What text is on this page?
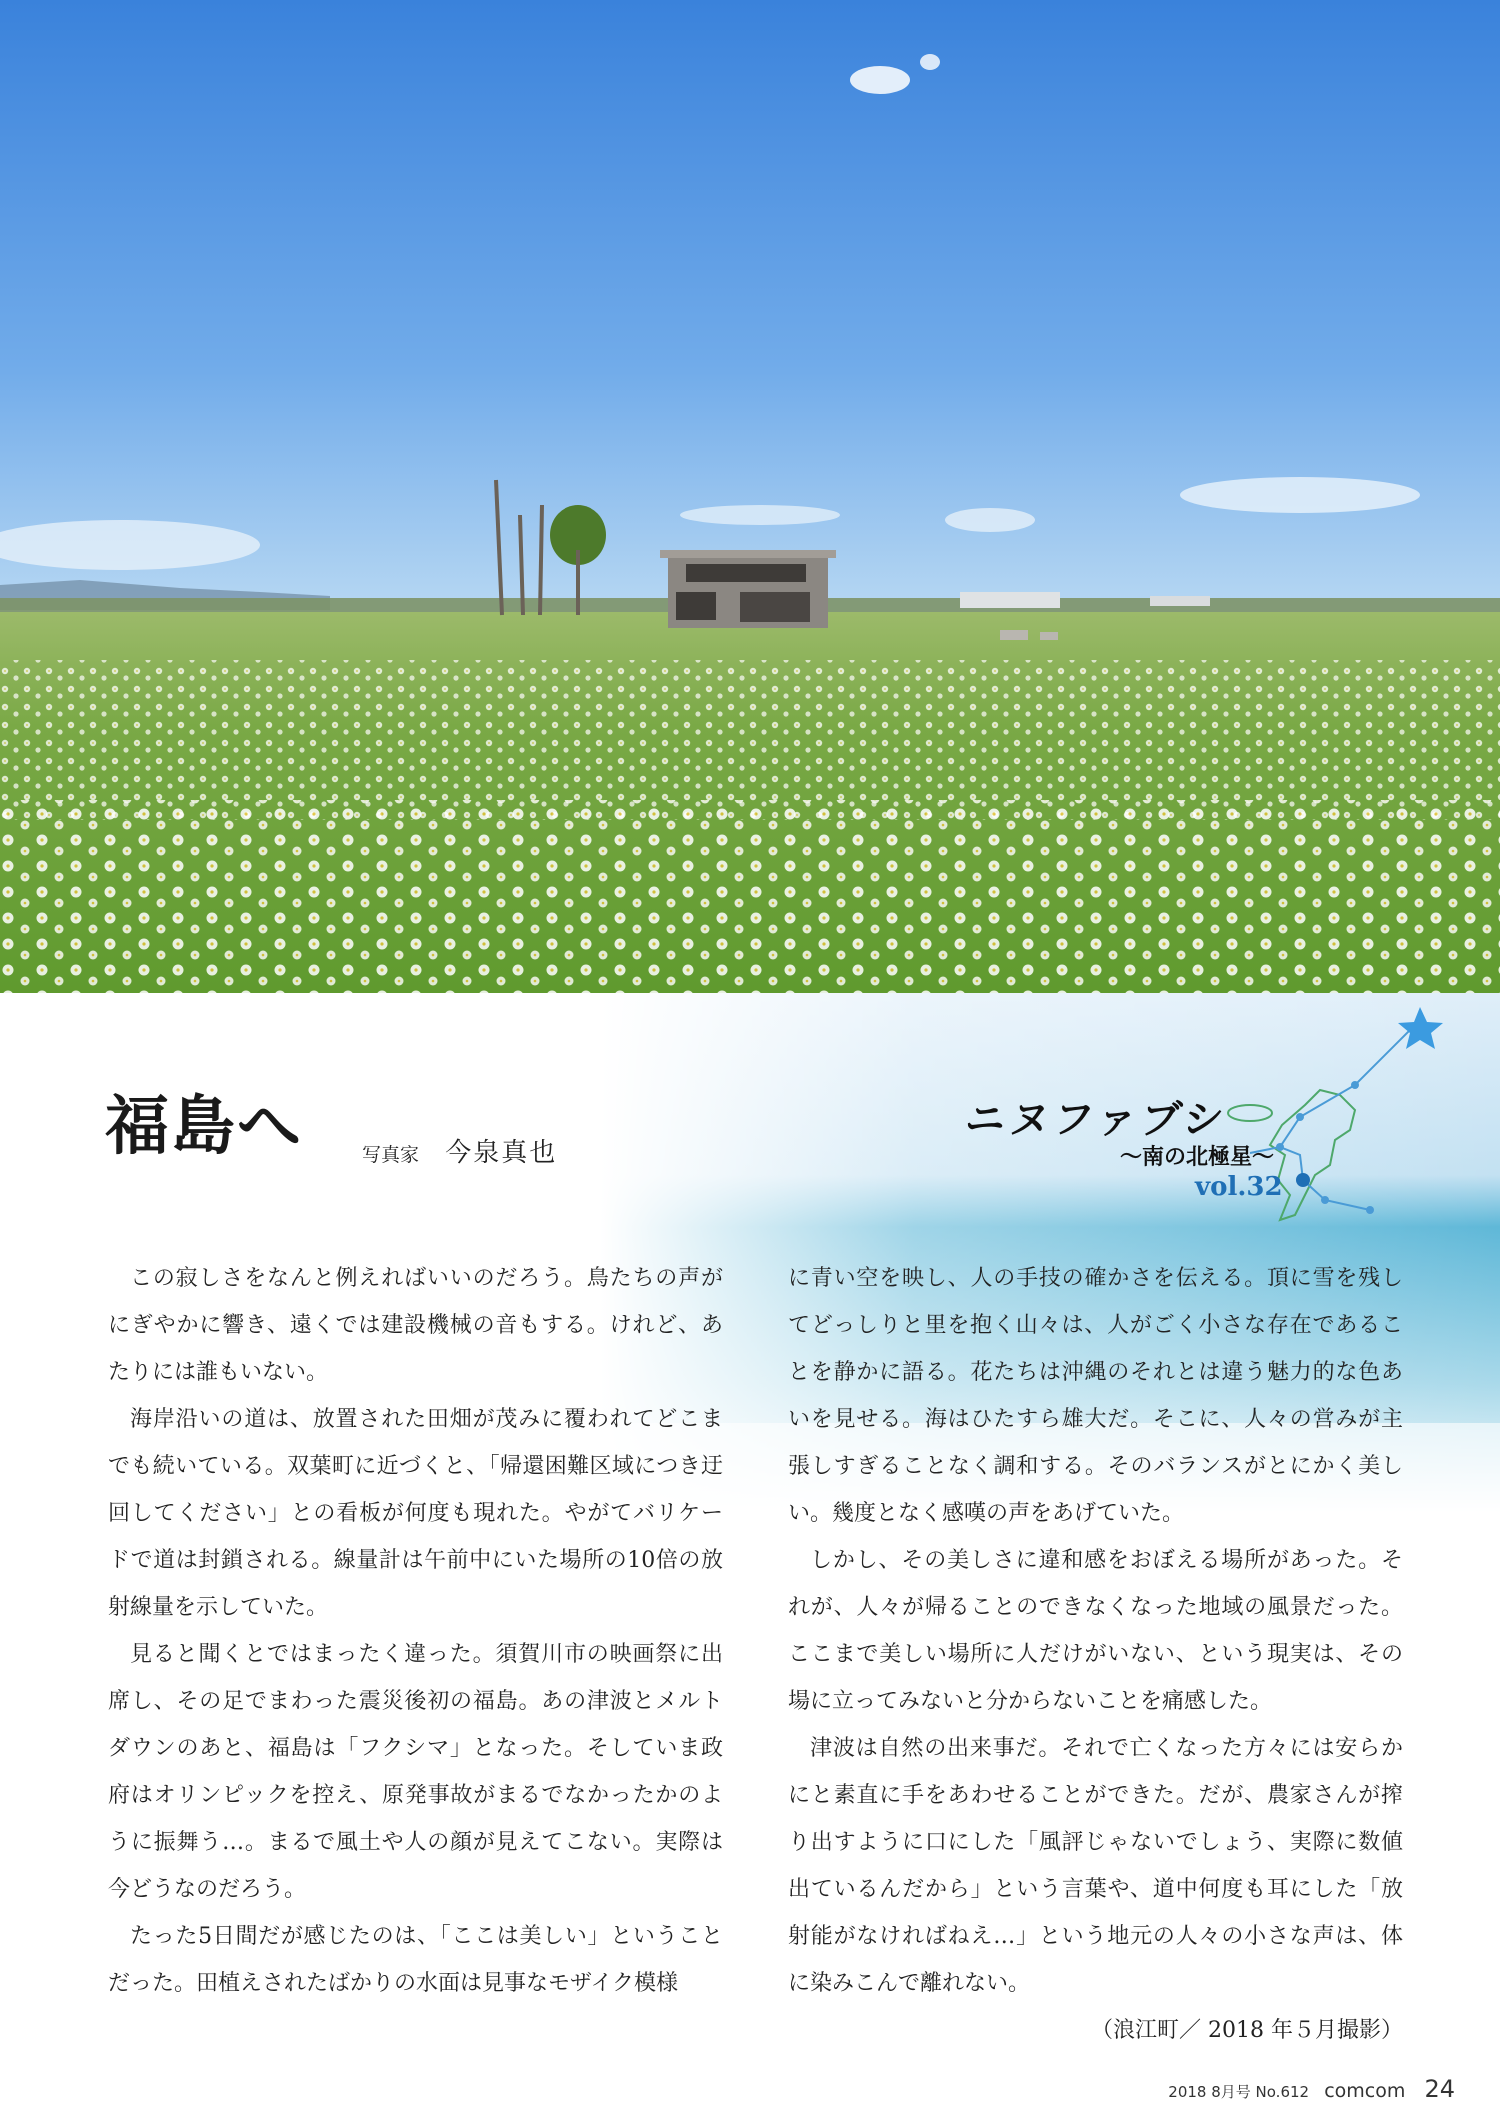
ニヌファブシ
〜南の北極星〜
vol.32
福島へ	写真家 今泉真也

この寂しさをなんと例えればいいのだろう。鳥たちの声がにぎやかに響き、遠くでは建設機械の音もする。けれど、あたりには誰もいない。

海岸沿いの道は、放置された田畑が茂みに覆われてどこまでも続いている。双葉町に近づくと、「帰還困難区域につき迂回してください」との看板が何度も現れた。やがてバリケードで道は封鎖される。線量計は午前中にいた場所の10倍の放射線量を示していた。

見ると聞くとではまったく違った。須賀川市の映画祭に出席し、その足でまわった震災後初の福島。あの津波とメルトダウンのあと、福島は「フクシマ」となった。そしていま政府はオリンピックを控え、原発事故がまるでなかったかのように振舞う…。まるで風土や人の顔が見えてこない。実際は今どうなのだろう。

たった5日間だが感じたのは、「ここは美しい」ということだった。田植えされたばかりの水面は見事なモザイク模様

に青い空を映し、人の手技の確かさを伝える。頂に雪を残してどっしりと里を抱く山々は、人がごく小さな存在であることを静かに語る。花たちは沖縄のそれとは違う魅力的な色あいを見せる。海はひたすら雄大だ。そこに、人々の営みが主張しすぎることなく調和する。そのバランスがとにかく美しい。幾度となく感嘆の声をあげていた。

しかし、その美しさに違和感をおぼえる場所があった。それが、人々が帰ることのできなくなった地域の風景だった。ここまで美しい場所に人だけがいない、という現実は、その場に立ってみないと分からないことを痛感した。

津波は自然の出来事だ。それで亡くなった方々には安らかにと素直に手をあわせることができた。だが、農家さんが搾り出すように口にした「風評じゃないでしょう、実際に数値出ているんだから」という言葉や、道中何度も耳にした「放射能がなければねえ…」という地元の人々の小さな声は、体に染みこんで離れない。

（浪江町／ 2018 年５月撮影）
2018 8月号 No.612 comcom 24
